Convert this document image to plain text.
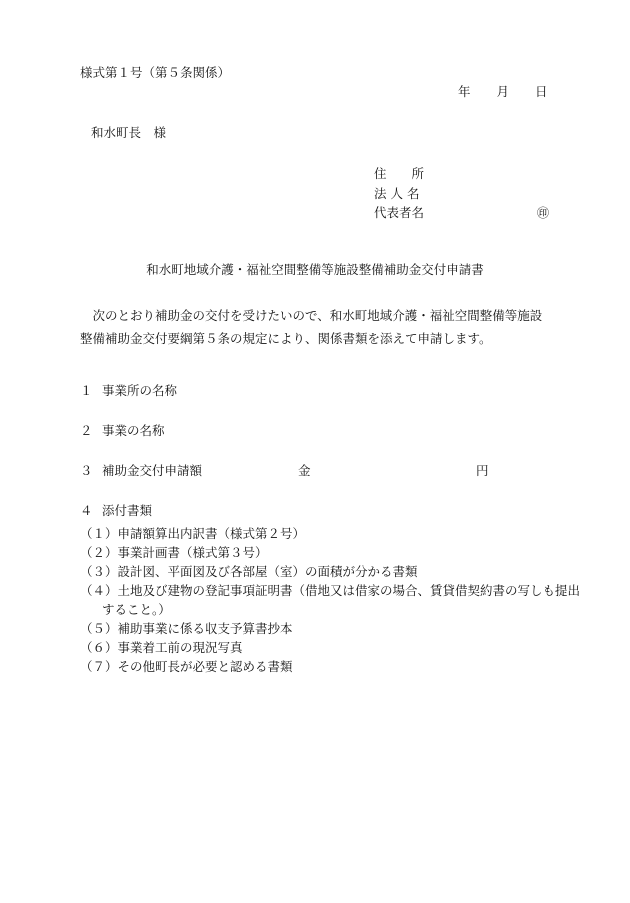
様式第１号（第５条関係）
年 月 日
和水町長　様
住　　所
法 人 名
代表者名	㊞
和水町地域介護・福祉空間整備等施設整備補助金交付申請書
次のとおり補助金の交付を受けたいので、和水町地域介護・福祉空間整備等施設整備補助金交付要綱第５条の規定により、関係書類を添えて申請します。
１ 事業所の名称
２ 事業の名称
３ 補助金交付申請額	金	円
４ 添付書類
（１）申請額算出内訳書（様式第２号）
（２）事業計画書（様式第３号）
（３）設計図、平面図及び各部屋（室）の面積が分かる書類
（４）土地及び建物の登記事項証明書（借地又は借家の場合、賃貸借契約書の写しも提出
すること。）
（５）補助事業に係る収支予算書抄本
（６）事業着工前の現況写真
（７）その他町長が必要と認める書類
